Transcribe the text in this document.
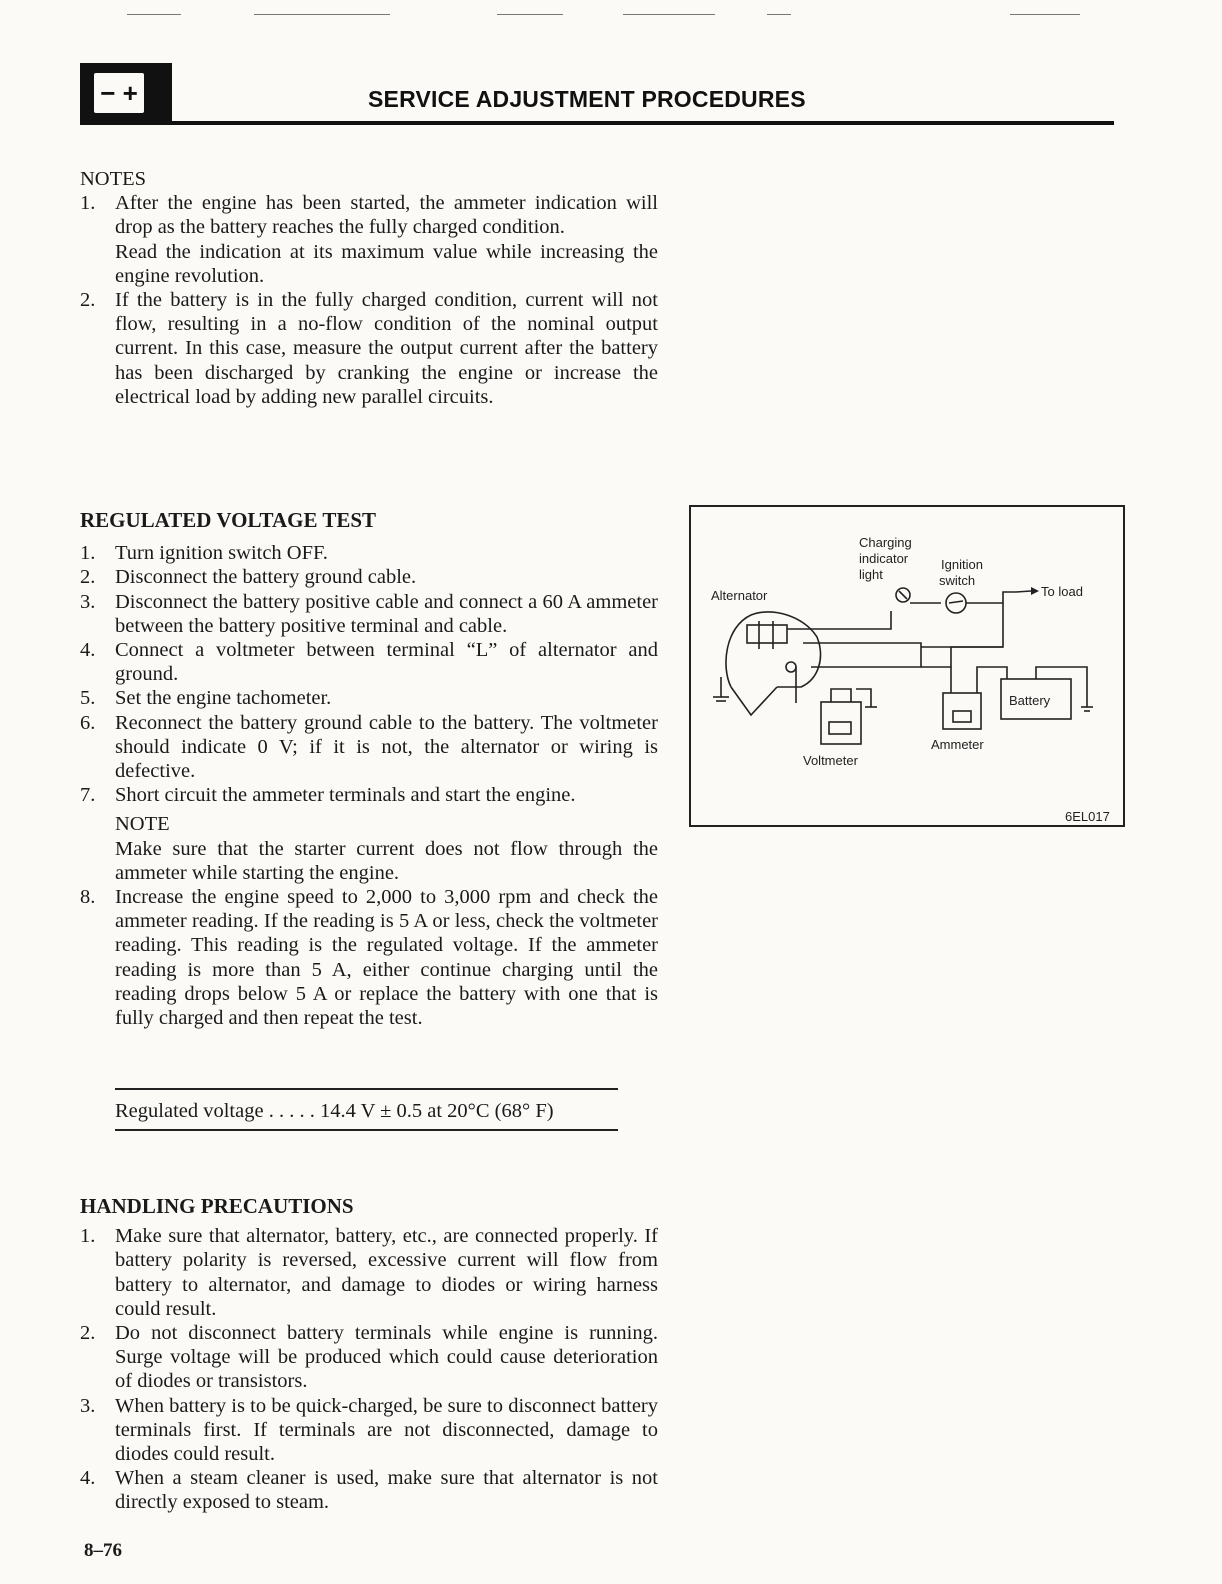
− +	SERVICE ADJUSTMENT PROCEDURES

NOTES

1. After the engine has been started, the ammeter indication will drop as the battery reaches the fully charged condition.
Read the indication at its maximum value while increasing the engine revolution.
2. If the battery is in the fully charged condition, current will not flow, resulting in a no-flow condition of the nominal output current. In this case, measure the output current after the battery has been discharged by cranking the engine or increase the electrical load by adding new parallel circuits.
REGULATED VOLTAGE TEST
1. Turn ignition switch OFF.
2. Disconnect the battery ground cable.
3. Disconnect the battery positive cable and connect a 60 A ammeter between the battery positive terminal and cable.
4. Connect a voltmeter between terminal “L” of alternator and ground.
5. Set the engine tachometer.
6. Reconnect the battery ground cable to the battery. The voltmeter should indicate 0 V; if it is not, the alternator or wiring is defective.
7. Short circuit the ammeter terminals and start the engine.
NOTE
Make sure that the starter current does not flow through the ammeter while starting the engine.
8. Increase the engine speed to 2,000 to 3,000 rpm and check the ammeter reading. If the reading is 5 A or less, check the voltmeter reading. This reading is the regulated voltage. If the ammeter reading is more than 5 A, either continue charging until the reading drops below 5 A or replace the battery with one that is fully charged and then repeat the test.
Regulated voltage . . . . . 14.4 V ± 0.5 at 20°C (68° F)
HANDLING PRECAUTIONS
1. Make sure that alternator, battery, etc., are connected properly. If battery polarity is reversed, excessive current will flow from battery to alternator, and damage to diodes or wiring harness could result.
2. Do not disconnect battery terminals while engine is running. Surge voltage will be produced which could cause deterioration of diodes or transistors.
3. When battery is to be quick-charged, be sure to disconnect battery terminals first. If terminals are not disconnected, damage to diodes could result.
4. When a steam cleaner is used, make sure that alternator is not directly exposed to steam.
8–76
Charging
indicator
light
Ignition
switch
Alternator	To load
Battery
Ammeter
Voltmeter
6EL017
